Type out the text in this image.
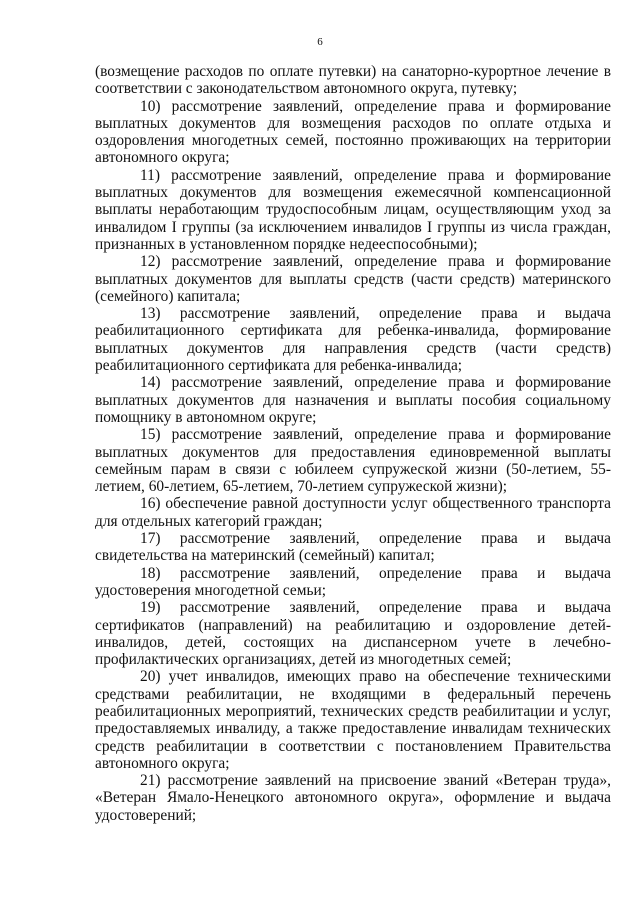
6

(возмещение расходов по оплате путевки) на санаторно-курортное лечение в соответствии с законодательством автономного округа, путевку;

10) рассмотрение заявлений, определение права и формирование выплатных документов для возмещения расходов по оплате отдыха и оздоровления многодетных семей, постоянно проживающих на территории автономного округа;

11) рассмотрение заявлений, определение права и формирование выплатных документов для возмещения ежемесячной компенсационной выплаты неработающим трудоспособным лицам, осуществляющим уход за инвалидом I группы (за исключением инвалидов I группы из числа граждан, признанных в установленном порядке недееспособными);

12) рассмотрение заявлений, определение права и формирование выплатных документов для выплаты средств (части средств) материнского (семейного) капитала;

13) рассмотрение заявлений, определение права и выдача реабилитационного сертификата для ребенка-инвалида, формирование выплатных документов для направления средств (части средств) реабилитационного сертификата для ребенка-инвалида;

14) рассмотрение заявлений, определение права и формирование выплатных документов для назначения и выплаты пособия социальному помощнику в автономном округе;

15) рассмотрение заявлений, определение права и формирование выплатных документов для предоставления единовременной выплаты семейным парам в связи с юбилеем супружеской жизни (50-летием, 55-летием, 60-летием, 65-летием, 70-летием супружеской жизни);

16) обеспечение равной доступности услуг общественного транспорта для отдельных категорий граждан;

17) рассмотрение заявлений, определение права и выдача свидетельства на материнский (семейный) капитал;

18) рассмотрение заявлений, определение права и выдача удостоверения многодетной семьи;

19) рассмотрение заявлений, определение права и выдача сертификатов (направлений) на реабилитацию и оздоровление детей-инвалидов, детей, состоящих на диспансерном учете в лечебно-профилактических организациях, детей из многодетных семей;

20) учет инвалидов, имеющих право на обеспечение техническими средствами реабилитации, не входящими в федеральный перечень реабилитационных мероприятий, технических средств реабилитации и услуг, предоставляемых инвалиду, а также предоставление инвалидам технических средств реабилитации в соответствии с постановлением Правительства автономного округа;

21) рассмотрение заявлений на присвоение званий «Ветеран труда», «Ветеран Ямало-Ненецкого автономного округа», оформление и выдача удостоверений;
